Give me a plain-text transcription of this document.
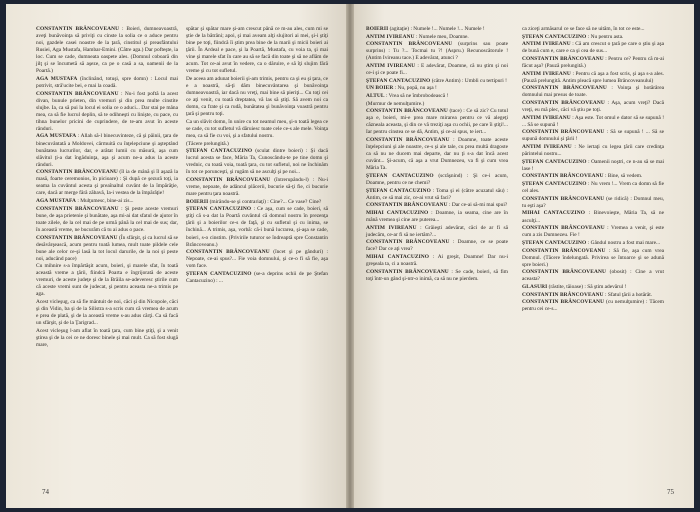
CONSTANTIN BRÂNCOVEANU : Boieri, dumneavoastră, aveţi bunăvoinţa să priviţi cu cinste la solia ce o aduce pentru noi, gazdele casei noastre de la ţară, cinstitul şi preasfântului Rusiei, Aga Mustafa, Hambar-Emini. (Către aga.) Dar pofteşte, ia loc. Cum se cade, dumneata oaspete ales. (Domnul coboară din jilţ şi se încumetă să aşeze, ca pe o casă a sa, oamenii de la Poartă.)

AGA MUSTAFA (înclinând, totuşi, spre domn) : Locul mai potrivit, stră'ucite bei, e mai la coadă.

CONSTANTIN BRÂNCOVEANU : Nu-i fost poftă la acest divan, bunule prieten, din vremuri şi din prea multe cinstite slujbe. Ia, ca să pui la locul ei solia ce o aduci... Dar stai pe mâna mea, ca să fie lucrul deplin, să te odihneşti cu linişte, cu pace, cu tihna bunelor pricini de cuprindere, de te-am avut în aceste rânduri.

AGA MUSTAFA : Allah să-l binecuvinteze, că şi pâinii, ţara de binecuvântată a Moldovei, cârmuită cu înţelepciune şi aşteptând bunătatea lucrurilor, dar, e arătat lumii cu măsură, aşa cum slăvitul ţi-a dat îngăduinţa, aşa şi acum ne-a adus la aceste rânduri.

CONSTANTIN BRÂNCOVEANU (îl ia de mână şi îl aşază la masă, foarte ceremonios, în picioare) : Şi după ce şezură toţi, ia seama la cuvântul acesta şi preaînaltul cuvânt de la împărăţie, care, dacă ar merge fără zăbavă, Ia-i vestea de la împărăţie!

AGA MUSTAFA : Mulţumesc, bine-ai zis...

CONSTANTIN BRÂNCOVEANU : Şi peste aceste vremuri bune, de aşa prietenie şi bunătate, aşa mi-ai dat sfatul de ajutor în toate zilele, de la cel mai de pe urmă până la cel mai de sus; dar, în această vreme, ne bucurăm că tu ai adus o pace.

CONSTANTIN BRÂNCOVEANU (În sfârşit, şi ca lucrul să se desăvârşească, acum pentru toată lumea, mult toate pildele cele bune ale celor ce-şi lasă la tot locul darurile, de la noi şi peste noi, aducând pace)

Cu mihnire s-a împărtăşit acum, boieri, şi marele sfat, în toată această vreme a ţării, fiindcă Poarta e îngrijorată de aceste vremuri, de aceste judeţe şi de la Brăila se-adeveresc ştirile cum că aceste vremi sunt de judecat, şi pentru aceasta ne-a trimis pe aga.

Acest vicleşug, ca să fie mântuit de noi, căci şi din Nicopole, căci şi din Vidin, ba şi de la Silistra s-a scris cum că vremea de acum e prea de plată, şi de la această vreme s-au adus cărţi. Ca să facă un sfârşit, şi de la Ţarigrad...

Acest vicleşug l-am aflat în toată ţara, cum bine ştiţi, şi a venit ştirea şi de la cei ce ne doresc binele şi mai mult. Ca să fost slugă mare,

spătar şi spătar mare şi-am crescut până ce m-au ales, cum mi se ştie de la bătrâni; apoi, şi mai aveam alţi slujitori ai mei, şi-i ştiţi bine pe toţi, fiindcă îi ştim prea bine de la marii şi micii boieri ai ţării. În Ardeal e pace, şi la Poartă, Mustafa, cu voia ta, şi mai vine şi marele sfat în care au să se facă din toate şi să ne aflăm de acum. Tot ce-ai avut în vedere, ca o dăruire, e să îţi slujim fără vreme şi cu tot sufletul.

De aceea am adunat boierii şi-am trimis, pentru ca şi eu şi ţara, ce e a noastră, să-ţi dăm binecuvântarea şi bunăvoinţa dumneavoastră, iar dacă nu vreţi, mai bine să pieriţi... Cu toţi cei ce aţi venit, cu toată dreptatea, vă las să ştiţi. Să avem noi ca domn, ca frate şi ca rudă, bunătatea şi bunăvoinţa voastră pentru ţară şi pentru toţi.

Ca un slăvit domn, în unire cu tot neamul meu, şi-n toată legea ce se cade, cu tot sufletul vă dăruiesc toate cele ce-s ale mele. Voinţa mea, ca să fie cu voi, şi a sfatului nostru.

(Tăcere prelungită.)

ŞTEFAN CANTACUZINO (sculat dintre boieri) : Şi dacă lucrul acesta se face, Măria Ta, Cunoscându-te pe tine domn şi vrednic, cu toată voia, toată ţara, cu tot sufletul, noi ne închinăm în tot ce porunceşti, şi rugăm să ne asculţi şi pe noi...

CONSTANTIN BRÂNCOVEANU (întrerupându-l) : Nu-i vreme, nepoate, de adâncul plăcerii, bucurie să-ţi fie, ci bucurie mare pentru ţara noastră.

BOIERII (mirându-se şi contrariaţi) : Cine?... Ce vase? Cine?

ŞTEFAN CANTACUZINO : Ce aşa, cum se cade, boieri, să ştiţi că s-a dat la Poartă cuvântul că domnul nostru în prezenţa ţării şi a boierilor ce-s de faţă, şi cu sufletul şi cu inima, se închină... A trimis, aşa, vorbă: că-i bună lucrarea, şi-aşa se cade, boieri, s-o cinstim. (Privirile tuturor se îndreaptă spre Constantin Brâncoveanu.)

CONSTANTIN BRÂNCOVEANU (încet şi pe gânduri) : Nepoate, ce-ai spus?... Fie voia domnului, şi ce-o fi să fie, aşa vom face.

ŞTEFAN CANTACUZINO (se-a deprins ochii de pe Ştefan Cantacuzino) : ...

74

BOIERII (agitaţie) : Numele !... Numele !... Numele !

ANTIM IVIREANU : Numele meu, Doamne.

CONSTANTIN BRÂNCOVEANU (surprins sau poate surprins) : Tu ?... Tocmai tu ?! (Aspru.) Recunoscătorule ! (Antim Ivireanu tace.) E adevărat, atunci ?

ANTIM IVIREANU : E adevărat, Doamne, că nu ştim şi noi ce-i şi ce poate fi...

ŞTEFAN CANTACUZINO (către Antim) : Umbli cu tertipuri !

UN BOIER : Nu, popă, nu aşa !

ALTUL : Vrea să ne îmbrobodească !

(Murmur de nemulţumire.)

CONSTANTIN BRÂNCOVEANU (tace) : Ce să zic? Cu totul aşa e, boieri, mi-e prea mare mirarea pentru ce vă alegeţi căzneala aceasta, şi din ce vă treziţi aşa cu ochii, pe care îi ştiţi!... Iar pentru cinstea ce se dă, Antim, şi ce-ai spus, te iert...

CONSTANTIN BRÂNCOVEANU : Doamne, toate aceste înţelepciuni şi ale noastre, ce-s şi ale tale, cu prea multă dragoste ca să nu ne ducem mai departe, dar nu ţi s-a dat încă acest cuvânt... Şi-acum, că aşa a vrut Dumnezeu, va fi şi cum vrea Măria Ta.

ŞTEFAN CANTACUZINO (scrâşnind) : Şi ce-i acum, Doamne, pentru ce ne chemi?

ŞTEFAN CANTACUZINO : Toma şi ei (către acuzatul său) : Antim, ce să mai zic, ce-ai vrut să faci?

CONSTANTIN BRÂNCOVEANU : Dar ce-ai să-mi mai spui?

MIHAI CANTACUZINO : Doamne, ia seama, cine are în mână vremea şi cine are puterea...

ANTIM IVIREANU : Grăieşti adevărat, căci de ar fi să judecăm, ce-ar fi să ne iertăm?...

CONSTANTIN BRÂNCOVEANU : Doamne, ce se poate face? Dar ce aţi vrea?

MIHAI CANTACUZINO : Ai greşit, Doamne! Dar nu-i greşeala ta, ci a noastră.

CONSTANTIN BRÂNCOVEANU : Se cade, boieri, să fim toţi într-un gând şi-ntr-o inimă, ca să nu ne pierdem.

ca ziceţi armăsarul ce se face să ne uităm, în tot ce este...

ŞTEFAN CANTACUZINO : Nu pentru asta.

ANTIM IVIREANU : Că am crescut o ţară pe care o ştiu şi aşa de bună cum e, care e ca şi cea de sus...

CONSTANTIN BRÂNCOVEANU : Pentru ce? Pentru că m-ai făcut aşa? (Pauză prelungită.)

ANTIM IVIREANU : Pentru că aşa a fost scris, şi aşa s-a ales. (Pauză prelungită. Antim pleacă spre lumea Brâncoveanului)

CONSTANTIN BRÂNCOVEANU : Voinţa şi hotărârea domnului mai presus de toate.

CONSTANTIN BRÂNCOVEANU : Aşa, acum vreţi? Dacă vreţi, eu mă plec, căci vă ştiu pe toţi.

ANTIM IVIREANU : Aşa este. Tot omul e dator să se supună ! ... Să se supună !

CONSTANTIN BRÂNCOVEANU : Să se supună ! ... Să se supună domnului şi ţării !

ANTIM IVIREANU : Ne iertaţi cu legea ţării care credinţa părintelui nostru...

ŞTEFAN CANTACUZINO : Oamenii noştri, ce n-au să se mai lase !

CONSTANTIN BRÂNCOVEANU : Bine, să vedem.

ŞTEFAN CANTACUZINO : Nu vrem !... Vrem ca domn să fie cel ales.

CONSTANTIN BRÂNCOVEANU (se ridică) : Domnul meu, tu eşti aşa?

MIHAI CANTACUZINO : Binevoieşte, Măria Ta, să ne asculţi...

CONSTANTIN BRÂNCOVEANU : Vremea a venit, şi este cum a zis Dumnezeu. Fie !

ŞTEFAN CANTACUZINO : Gândul nostru a fost mai mare...

CONSTANTIN BRÂNCOVEANU : Să fie, aşa cum vrea Domnul. (Tăcere îndelungată. Privirea se întoarce şi se adună spre boieri.)

CONSTANTIN BRÂNCOVEANU (obosit) : Cine a vrut aceasta?

GLASURI (răstite, tăioase) : Să ştim adevărul !

CONSTANTIN BRÂNCOVEANU : Sfatul ţării a hotărât.

CONSTANTIN BRÂNCOVEANU (cu nemulţumire) : Tăcem pentru cei ce-s...

75
